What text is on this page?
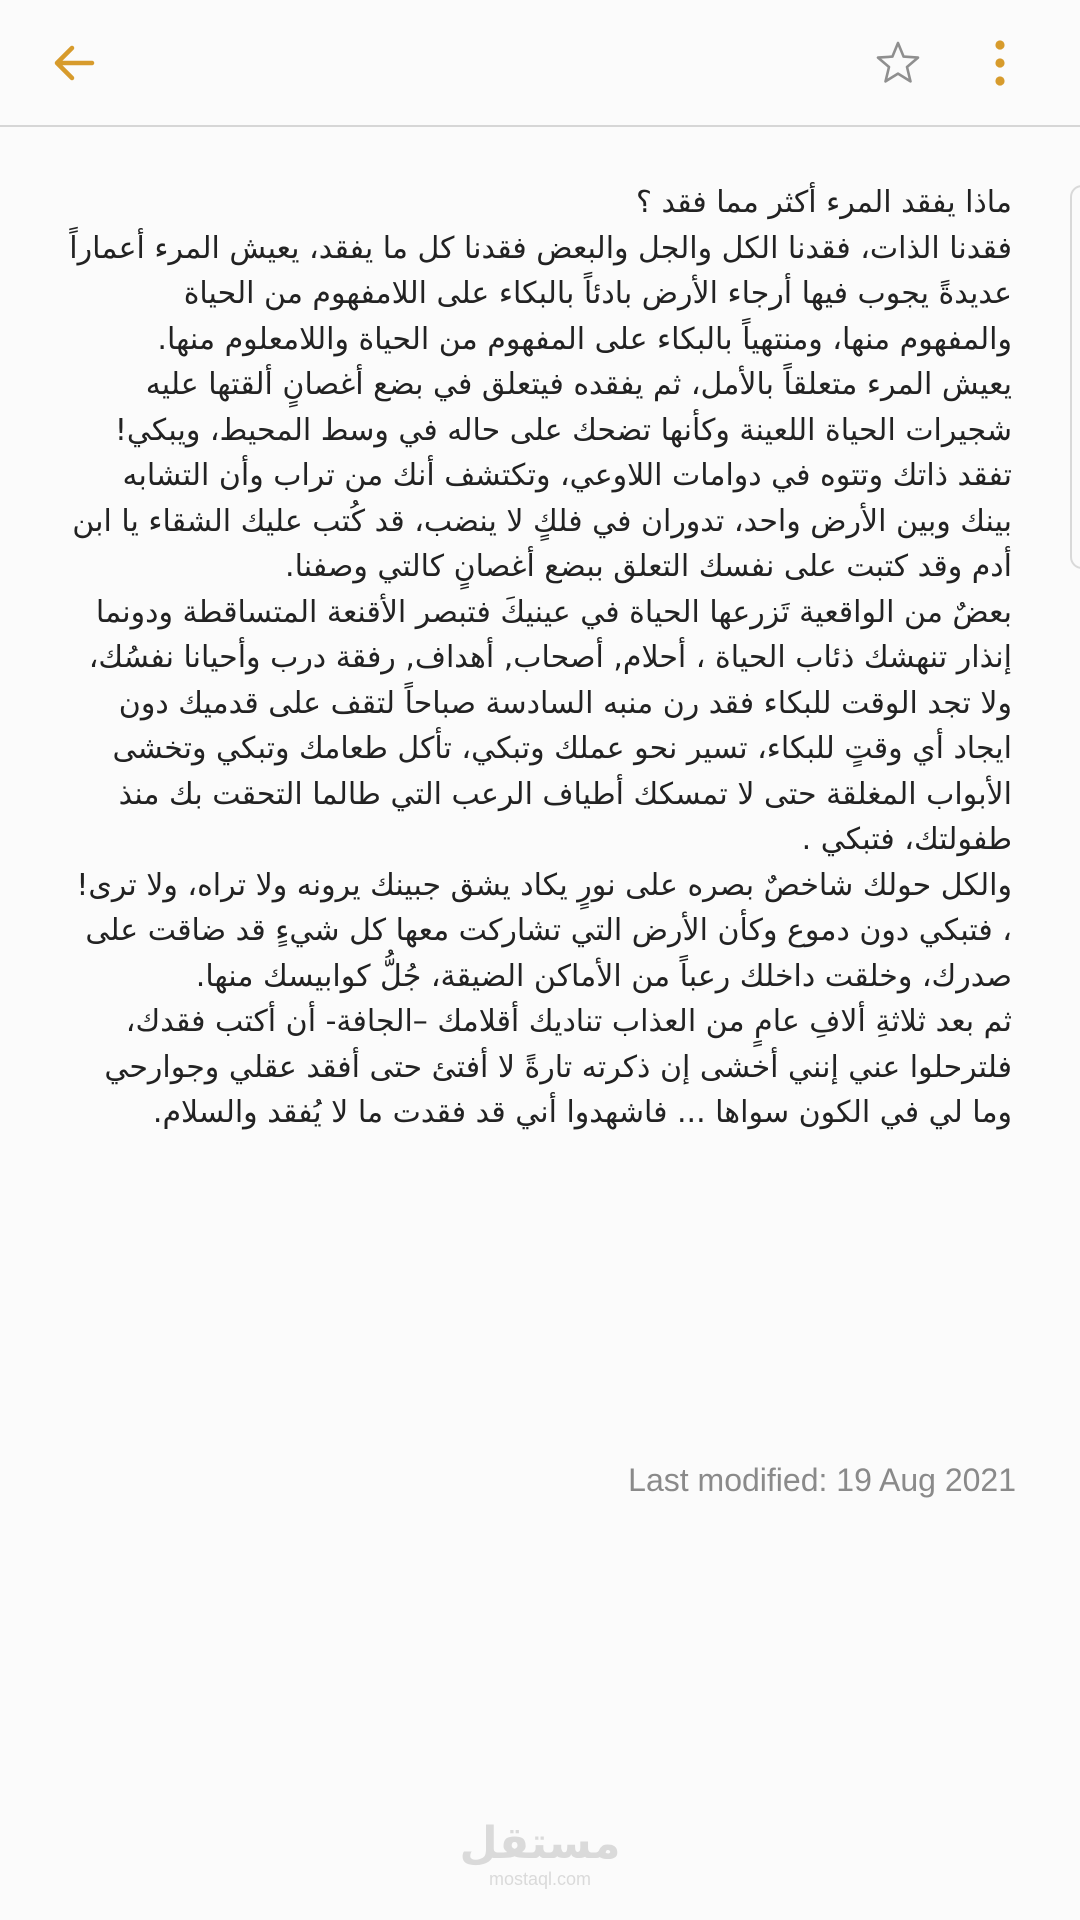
ماذا يفقد المرء أكثر مما فقد ؟

فقدنا الذات، فقدنا الكل والجل والبعض فقدنا كل ما يفقد، يعيش المرء أعماراً عديدةً يجوب فيها أرجاء الأرض بادئاً بالبكاء على اللامفهوم من الحياة والمفهوم منها، ومنتهياً بالبكاء على المفهوم من الحياة واللامعلوم منها.

يعيش المرء متعلقاً بالأمل، ثم يفقده فيتعلق في بضع أغصانٍ ألقتها عليه شجيرات الحياة اللعينة وكأنها تضحك على حاله في وسط المحيط، ويبكي!

تفقد ذاتك وتتوه في دوامات اللاوعي، وتكتشف أنك من تراب وأن التشابه بينك وبين الأرض واحد، تدوران في فلكٍ لا ينضب، قد كُتب عليك الشقاء يا ابن أدم وقد كتبت على نفسك التعلق ببضع أغصانٍ كالتي وصفنا.

بعضٌ من الواقعية تَزرعها الحياة في عينيكَ فتبصر الأقنعة المتساقطة ودونما إنذار تنهشك ذئاب الحياة ، أحلام, أصحاب, أهداف, رفقة درب وأحيانا نفسُك، ولا تجد الوقت للبكاء فقد رن منبه السادسة صباحاً لتقف على قدميك دون ايجاد أي وقتٍ للبكاء، تسير نحو عملك وتبكي، تأكل طعامك وتبكي وتخشى الأبواب المغلقة حتى لا تمسكك أطياف الرعب التي طالما التحقت بك منذ طفولتك، فتبكي .

والكل حولك شاخصٌ بصره على نورٍ يكاد يشق جبينك يرونه ولا تراه، ولا ترى! ، فتبكي دون دموع وكأن الأرض التي تشاركت معها كل شيءٍ قد ضاقت على صدرك، وخلقت داخلك رعباً من الأماكن الضيقة، جُلُّ كوابيسك منها.

ثم بعد ثلاثةِ ألافِ عامٍ من العذاب تناديك أقلامك –الجافة- أن أكتب فقدك، فلترحلوا عني إنني أخشى إن ذكرته تارةً لا أفتئ حتى أفقد عقلي وجوارحي وما لي في الكون سواها ... فاشهدوا أني قد فقدت ما لا يُفقد والسلام.

Last modified: 19 Aug 2021
مستقل
mostaql.com
